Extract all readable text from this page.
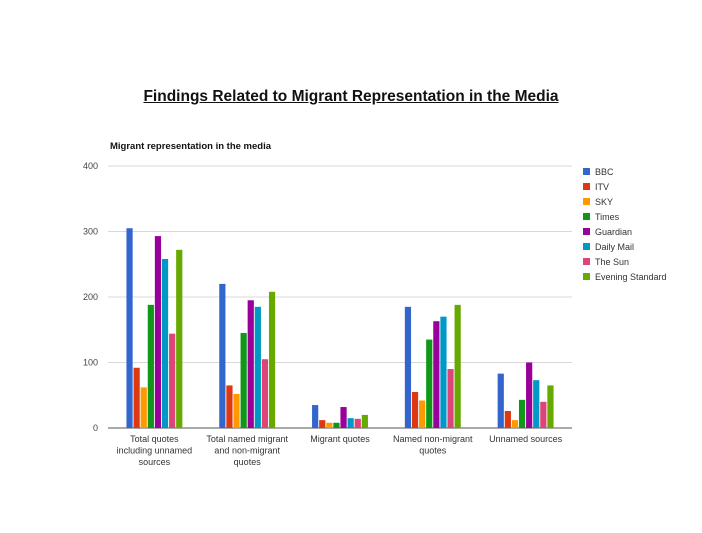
Findings Related to Migrant Representation in the Media
Migrant representation in the media
0
100
200
300
400
Total quotes
including unnamed
sources
Total named migrant
and non-migrant
quotes
Migrant quotes	Named non-migrant
quotes
Unnamed sources
BBC
ITV
SKY
Times
Guardian
Daily Mail
The Sun
Evening Standard
